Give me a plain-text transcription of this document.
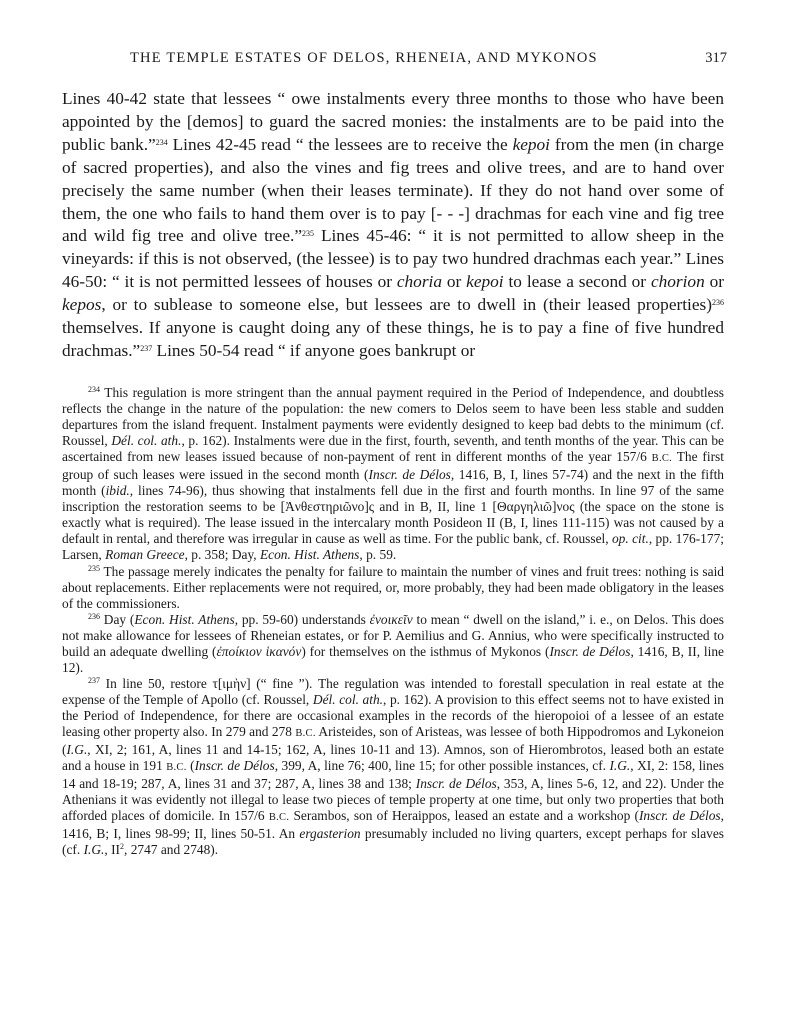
THE TEMPLE ESTATES OF DELOS, RHENEIA, AND MYKONOS	317

Lines 40-42 state that lessees “ owe instalments every three months to those who have been appointed by the [demos] to guard the sacred monies: the instalments are to be paid into the public bank.”$^{234}$ Lines 42-45 read “ the lessees are to receive the kepoi from the men (in charge of sacred properties), and also the vines and fig trees and olive trees, and are to hand over precisely the same number (when their leases terminate). If they do not hand over some of them, the one who fails to hand them over is to pay [- - -] drachmas for each vine and fig tree and wild fig tree and olive tree.”$^{235}$ Lines 45-46: “ it is not permitted to allow sheep in the vineyards: if this is not observed, (the lessee) is to pay two hundred drachmas each year.” Lines 46-50: “ it is not permitted lessees of houses or choria or kepoi to lease a second or chorion or kepos, or to sublease to someone else, but lessees are to dwell in (their leased properties)$^{236}$ themselves. If anyone is caught doing any of these things, he is to pay a fine of five hundred drachmas.”$^{237}$ Lines 50-54 read “ if anyone goes bankrupt or

$^{234}$ This regulation is more stringent than the annual payment required in the Period of Independence, and doubtless reflects the change in the nature of the population: the new comers to Delos seem to have been less stable and sudden departures from the island frequent. Instalment payments were evidently designed to keep bad debts to the minimum (cf. Roussel, Dél. col. ath., p. 162). Instalments were due in the first, fourth, seventh, and tenth months of the year. This can be ascertained from new leases issued because of non-payment of rent in different months of the year 157/6 B.C. The first group of such leases were issued in the second month (Inscr. de Délos, 1416, B, I, lines 57-74) and the next in the fifth month (ibid., lines 74-96), thus showing that instalments fell due in the first and fourth months. In line 97 of the same inscription the restoration seems to be [Ἀνθεστηριῶνο]ς and in B, II, line 1 [Θαργηλιῶ]νος (the space on the stone is exactly what is required). The lease issued in the intercalary month Posideon II (B, I, lines 111-115) was not caused by a default in rental, and therefore was irregular in cause as well as time. For the public bank, cf. Roussel, op. cit., pp. 176-177; Larsen, Roman Greece, p. 358; Day, Econ. Hist. Athens, p. 59.

$^{235}$ The passage merely indicates the penalty for failure to maintain the number of vines and fruit trees: nothing is said about replacements. Either replacements were not required, or, more probably, they had been made obligatory in the leases of the commissioners.

$^{236}$ Day (Econ. Hist. Athens, pp. 59-60) understands ἐνοικεῖν to mean “ dwell on the island,” i. e., on Delos. This does not make allowance for lessees of Rheneian estates, or for P. Aemilius and G. Annius, who were specifically instructed to build an adequate dwelling (ἐποίκιον ἱκανόν) for themselves on the isthmus of Mykonos (Inscr. de Délos, 1416, B, II, line 12).

$^{237}$ In line 50, restore τ[ιμὴν] (“ fine ”). The regulation was intended to forestall speculation in real estate at the expense of the Temple of Apollo (cf. Roussel, Dél. col. ath., p. 162). A provision to this effect seems not to have existed in the Period of Independence, for there are occasional examples in the records of the hieropoioi of a lessee of an estate leasing other property also. In 279 and 278 B.C. Aristeides, son of Aristeas, was lessee of both Hippodromos and Lykoneion (I.G., XI, 2; 161, A, lines 11 and 14-15; 162, A, lines 10-11 and 13). Amnos, son of Hierombrotos, leased both an estate and a house in 191 B.C. (Inscr. de Délos, 399, A, line 76; 400, line 15; for other possible instances, cf. I.G., XI, 2: 158, lines 14 and 18-19; 287, A, lines 31 and 37; 287, A, lines 38 and 138; Inscr. de Délos, 353, A, lines 5-6, 12, and 22). Under the Athenians it was evidently not illegal to lease two pieces of temple property at one time, but only two properties that both afforded places of domicile. In 157/6 B.C. Serambos, son of Heraippos, leased an estate and a workshop (Inscr. de Délos, 1416, B; I, lines 98-99; II, lines 50-51. An ergasterion presumably included no living quarters, except perhaps for slaves (cf. I.G., $II^2$, 2747 and 2748).
